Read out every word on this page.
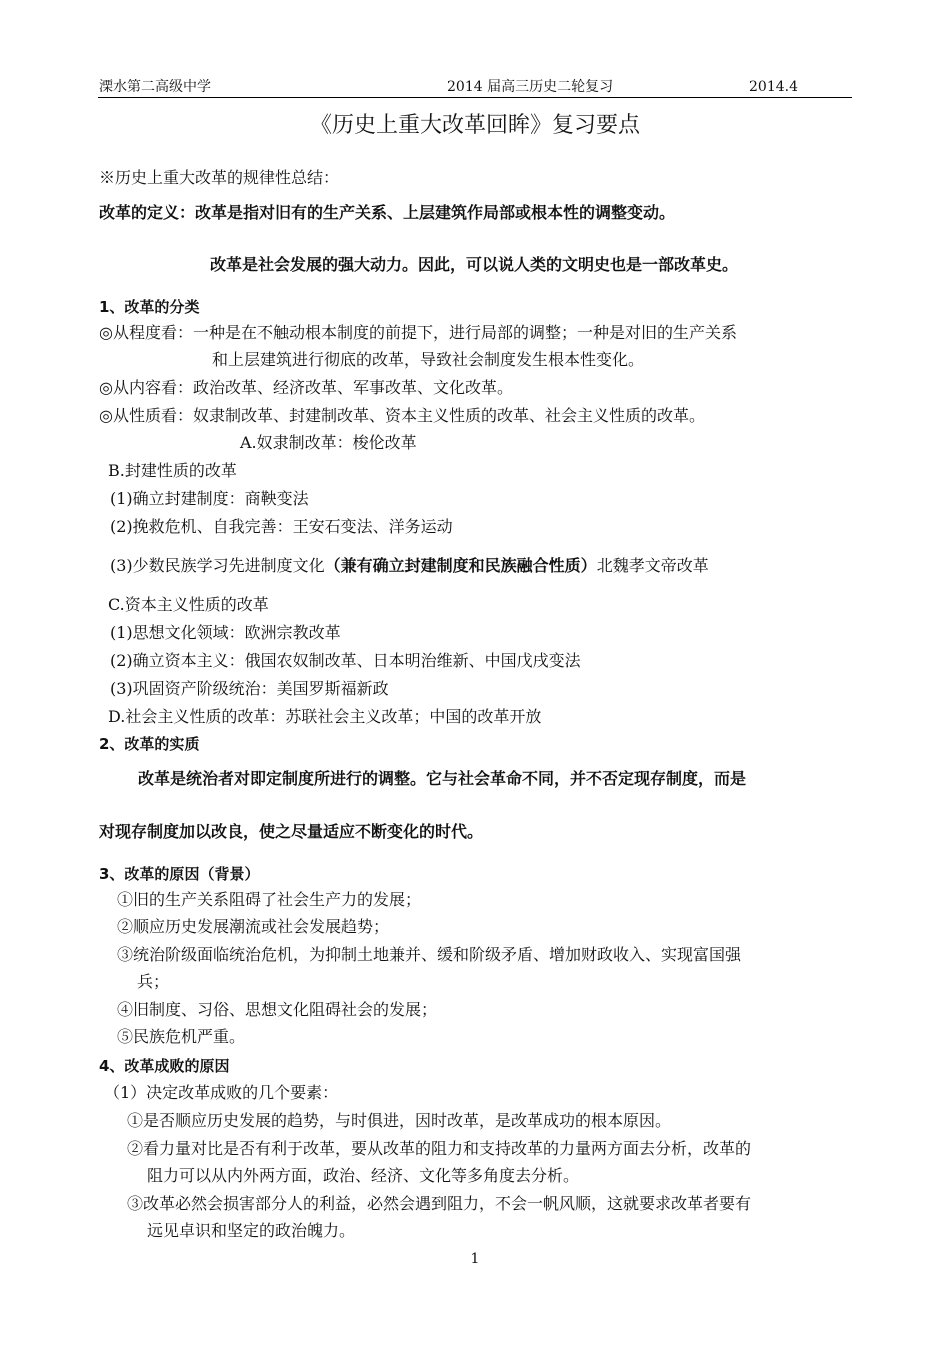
溧水第二高级中学	2014 届高三历史二轮复习	2014.4
《历史上重大改革回眸》复习要点
※历史上重大改革的规律性总结：
改革的定义：改革是指对旧有的生产关系、上层建筑作局部或根本性的调整变动。
改革是社会发展的强大动力。因此，可以说人类的文明史也是一部改革史。
1、改革的分类
◎从程度看：一种是在不触动根本制度的前提下，进行局部的调整；一种是对旧的生产关系
和上层建筑进行彻底的改革，导致社会制度发生根本性变化。
◎从内容看：政治改革、经济改革、军事改革、文化改革。
◎从性质看：奴隶制改革、封建制改革、资本主义性质的改革、社会主义性质的改革。
A.奴隶制改革：梭伦改革
B.封建性质的改革
(1)确立封建制度：商鞅变法
(2)挽救危机、自我完善：王安石变法、洋务运动
(3)少数民族学习先进制度文化（兼有确立封建制度和民族融合性质）北魏孝文帝改革
C.资本主义性质的改革
(1)思想文化领域：欧洲宗教改革
(2)确立资本主义：俄国农奴制改革、日本明治维新、中国戊戌变法
(3)巩固资产阶级统治：美国罗斯福新政
D.社会主义性质的改革：苏联社会主义改革；中国的改革开放
2、改革的实质
改革是统治者对即定制度所进行的调整。它与社会革命不同，并不否定现存制度，而是
对现存制度加以改良，使之尽量适应不断变化的时代。
3、改革的原因（背景）
①旧的生产关系阻碍了社会生产力的发展；
②顺应历史发展潮流或社会发展趋势；
③统治阶级面临统治危机，为抑制土地兼并、缓和阶级矛盾、增加财政收入、实现富国强
兵；
④旧制度、习俗、思想文化阻碍社会的发展；
⑤民族危机严重。
4、改革成败的原因
（1）决定改革成败的几个要素：
①是否顺应历史发展的趋势，与时俱进，因时改革，是改革成功的根本原因。
②看力量对比是否有利于改革，要从改革的阻力和支持改革的力量两方面去分析，改革的
阻力可以从内外两方面，政治、经济、文化等多角度去分析。
③改革必然会损害部分人的利益，必然会遇到阻力，不会一帆风顺，这就要求改革者要有
远见卓识和坚定的政治魄力。
1
